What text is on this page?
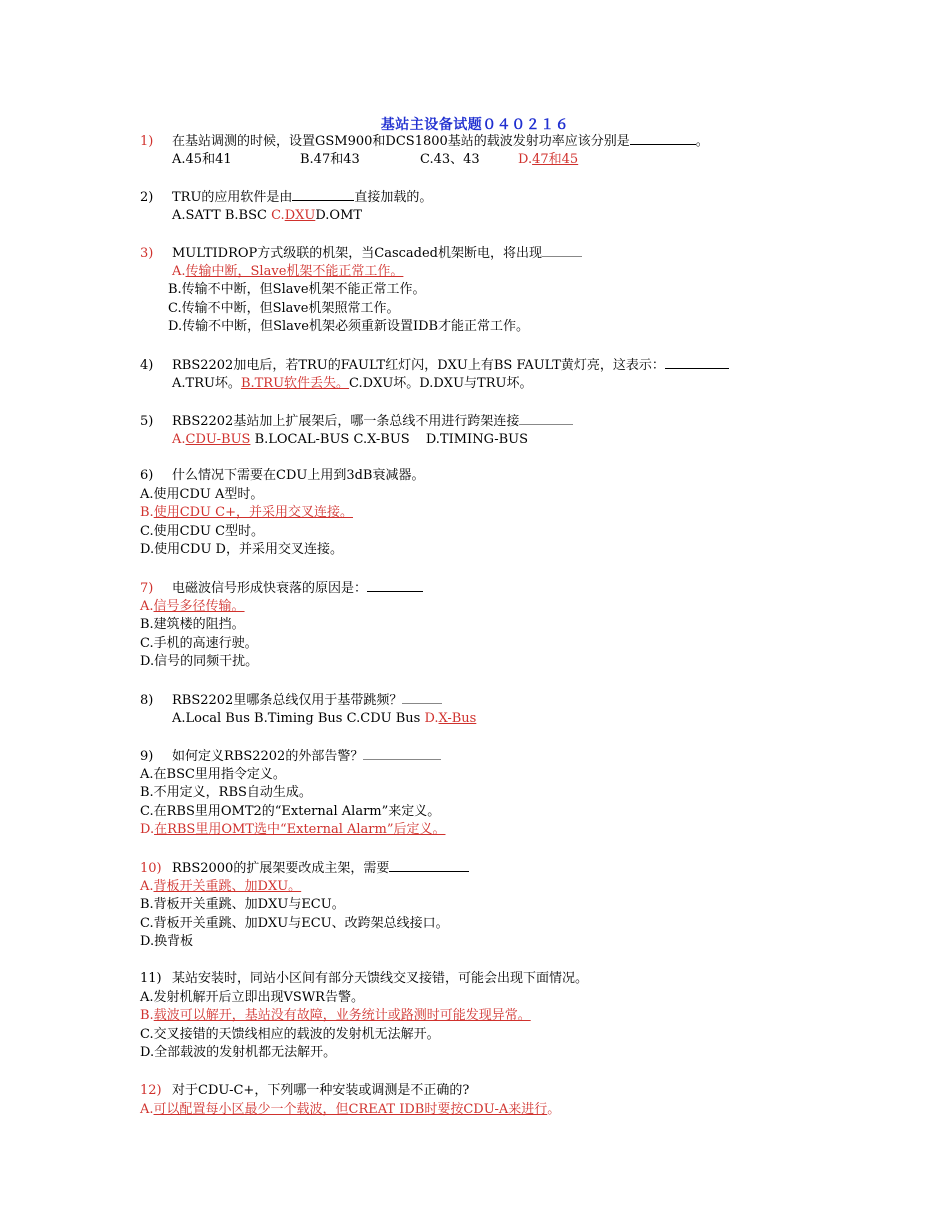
基站主设备试题０４０２１６
1) 在基站调测的时候，设置GSM900和DCS1800基站的载波发射功率应该分别是	。
A.45和41	B.47和43	C.43、43	D.47和45
2) TRU的应用软件是由	直接加载的。
A.SATT B.BSC C.DXUD.OMT
3) MULTIDROP方式级联的机架，当Cascaded机架断电，将出现
A.传输中断，Slave机架不能正常工作。
B.传输不中断，但Slave机架不能正常工作。
C.传输不中断，但Slave机架照常工作。
D.传输不中断，但Slave机架必须重新设置IDB才能正常工作。
4) RBS2202加电后，若TRU的FAULT红灯闪，DXU上有BS FAULT黄灯亮，这表示：
A.TRU坏。B.TRU软件丢失。C.DXU坏。D.DXU与TRU坏。
5) RBS2202基站加上扩展架后，哪一条总线不用进行跨架连接
A.CDU-BUS B.LOCAL-BUS C.X-BUS D.TIMING-BUS
6) 什么情况下需要在CDU上用到3dB衰减器。
A.使用CDU A型时。
B.使用CDU C+，并采用交叉连接。
C.使用CDU C型时。
D.使用CDU D，并采用交叉连接。
7) 电磁波信号形成快衰落的原因是：
A.信号多径传输。
B.建筑楼的阻挡。
C.手机的高速行驶。
D.信号的同频干扰。
8) RBS2202里哪条总线仅用于基带跳频？
A.Local Bus B.Timing Bus C.CDU Bus D.X-Bus
9) 如何定义RBS2202的外部告警？
A.在BSC里用指令定义。
B.不用定义，RBS自动生成。
C.在RBS里用OMT2的“External Alarm”来定义。
D.在RBS里用OMT选中“External Alarm”后定义。
10) RBS2000的扩展架要改成主架，需要
A.背板开关重跳、加DXU。
B.背板开关重跳、加DXU与ECU。
C.背板开关重跳、加DXU与ECU、改跨架总线接口。
D.换背板
11) 某站安装时，同站小区间有部分天馈线交叉接错，可能会出现下面情况。
A.发射机解开后立即出现VSWR告警。
B.载波可以解开，基站没有故障，业务统计或路测时可能发现异常。
C.交叉接错的天馈线相应的载波的发射机无法解开。
D.全部载波的发射机都无法解开。
12) 对于CDU-C+，下列哪一种安装或调测是不正确的?
A.可以配置每小区最少一个载波，但CREAT IDB时要按CDU-A来进行。
